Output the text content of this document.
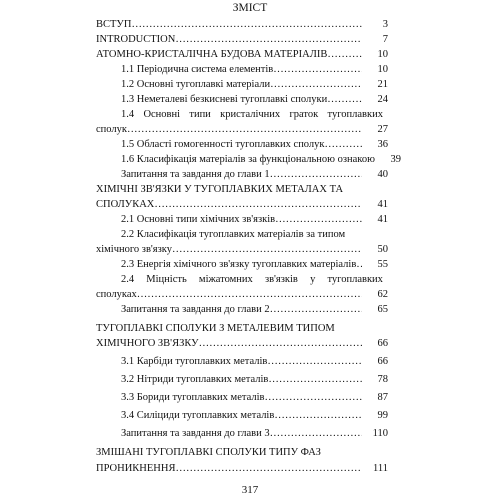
ЗМІСТ
ВСТУП ……………………………………………………………………………………………………………………………………………………………………	3
INTRODUCTION ……………………………………………………………………………………………………………………………………………………………………	7
АТОМНО-КРИСТАЛІЧНА БУДОВА МАТЕРІАЛІВ ……………………………………………………………………………………………………………………………………………………………………	10
1.1 Періодична система елементів ……………………………………………………………………………………………………………………………………………………………………	10
1.2 Основні тугоплавкі матеріали ……………………………………………………………………………………………………………………………………………………………………	21
1.3 Неметалеві безкисневі тугоплавкі сполуки ……………………………………………………………………………………………………………………………………………………………………	24
1.4 Основні типи кристалічних граток тугоплавких
сполук ……………………………………………………………………………………………………………………………………………………………………	27
1.5 Області гомогенності тугоплавких сполук ……………………………………………………………………………………………………………………………………………………………………	36
1.6 Класифікація матеріалів за функціональною ознакою	39
Запитання та завдання до глави 1 ……………………………………………………………………………………………………………………………………………………………………	40
ХІМІЧНІ ЗВ'ЯЗКИ У ТУГОПЛАВКИХ МЕТАЛАХ ТА
СПОЛУКАХ ……………………………………………………………………………………………………………………………………………………………………	41
2.1 Основні типи хімічних зв'язків ……………………………………………………………………………………………………………………………………………………………………	41
2.2 Класифікація тугоплавких матеріалів за типом
хімічного зв'язку ……………………………………………………………………………………………………………………………………………………………………	50
2.3 Енергія хімічного зв'язку тугоплавких матеріалів ……………………………………………………………………………………………………………………………………………………………………	55
2.4 Міцність міжатомних зв'язків у тугоплавких
сполуках ……………………………………………………………………………………………………………………………………………………………………	62
Запитання та завдання до глави 2 ……………………………………………………………………………………………………………………………………………………………………	65
ТУГОПЛАВКІ СПОЛУКИ З МЕТАЛЕВИМ ТИПОМ
ХІМІЧНОГО ЗВ'ЯЗКУ ……………………………………………………………………………………………………………………………………………………………………	66
3.1 Карбіди тугоплавких металів ……………………………………………………………………………………………………………………………………………………………………	66
3.2 Нітриди тугоплавких металів ……………………………………………………………………………………………………………………………………………………………………	78
3.3 Бориди тугоплавких металів ……………………………………………………………………………………………………………………………………………………………………	87
3.4 Силіциди тугоплавких металів ……………………………………………………………………………………………………………………………………………………………………	99
Запитання та завдання до глави 3 ……………………………………………………………………………………………………………………………………………………………………	110
ЗМІШАНІ ТУГОПЛАВКІ СПОЛУКИ ТИПУ ФАЗ
ПРОНИКНЕННЯ ……………………………………………………………………………………………………………………………………………………………………	111
317
